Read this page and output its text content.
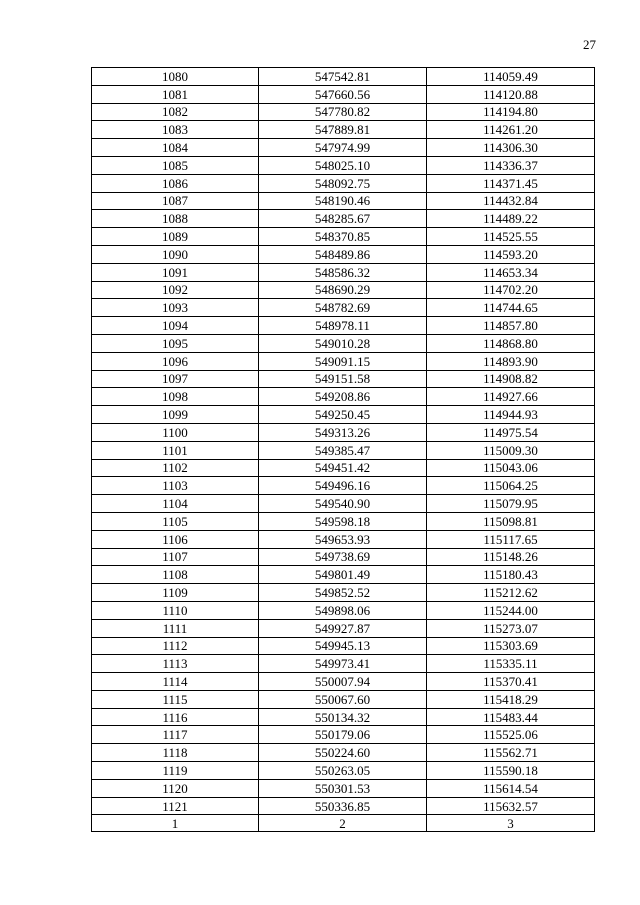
27
1080	547542.81	114059.49
1081	547660.56	114120.88
1082	547780.82	114194.80
1083	547889.81	114261.20
1084	547974.99	114306.30
1085	548025.10	114336.37
1086	548092.75	114371.45
1087	548190.46	114432.84
1088	548285.67	114489.22
1089	548370.85	114525.55
1090	548489.86	114593.20
1091	548586.32	114653.34
1092	548690.29	114702.20
1093	548782.69	114744.65
1094	548978.11	114857.80
1095	549010.28	114868.80
1096	549091.15	114893.90
1097	549151.58	114908.82
1098	549208.86	114927.66
1099	549250.45	114944.93
1100	549313.26	114975.54
1101	549385.47	115009.30
1102	549451.42	115043.06
1103	549496.16	115064.25
1104	549540.90	115079.95
1105	549598.18	115098.81
1106	549653.93	115117.65
1107	549738.69	115148.26
1108	549801.49	115180.43
1109	549852.52	115212.62
1110	549898.06	115244.00
1111	549927.87	115273.07
1112	549945.13	115303.69
1113	549973.41	115335.11
1114	550007.94	115370.41
1115	550067.60	115418.29
1116	550134.32	115483.44
1117	550179.06	115525.06
1118	550224.60	115562.71
1119	550263.05	115590.18
1120	550301.53	115614.54
1121	550336.85	115632.57
1	2	3
